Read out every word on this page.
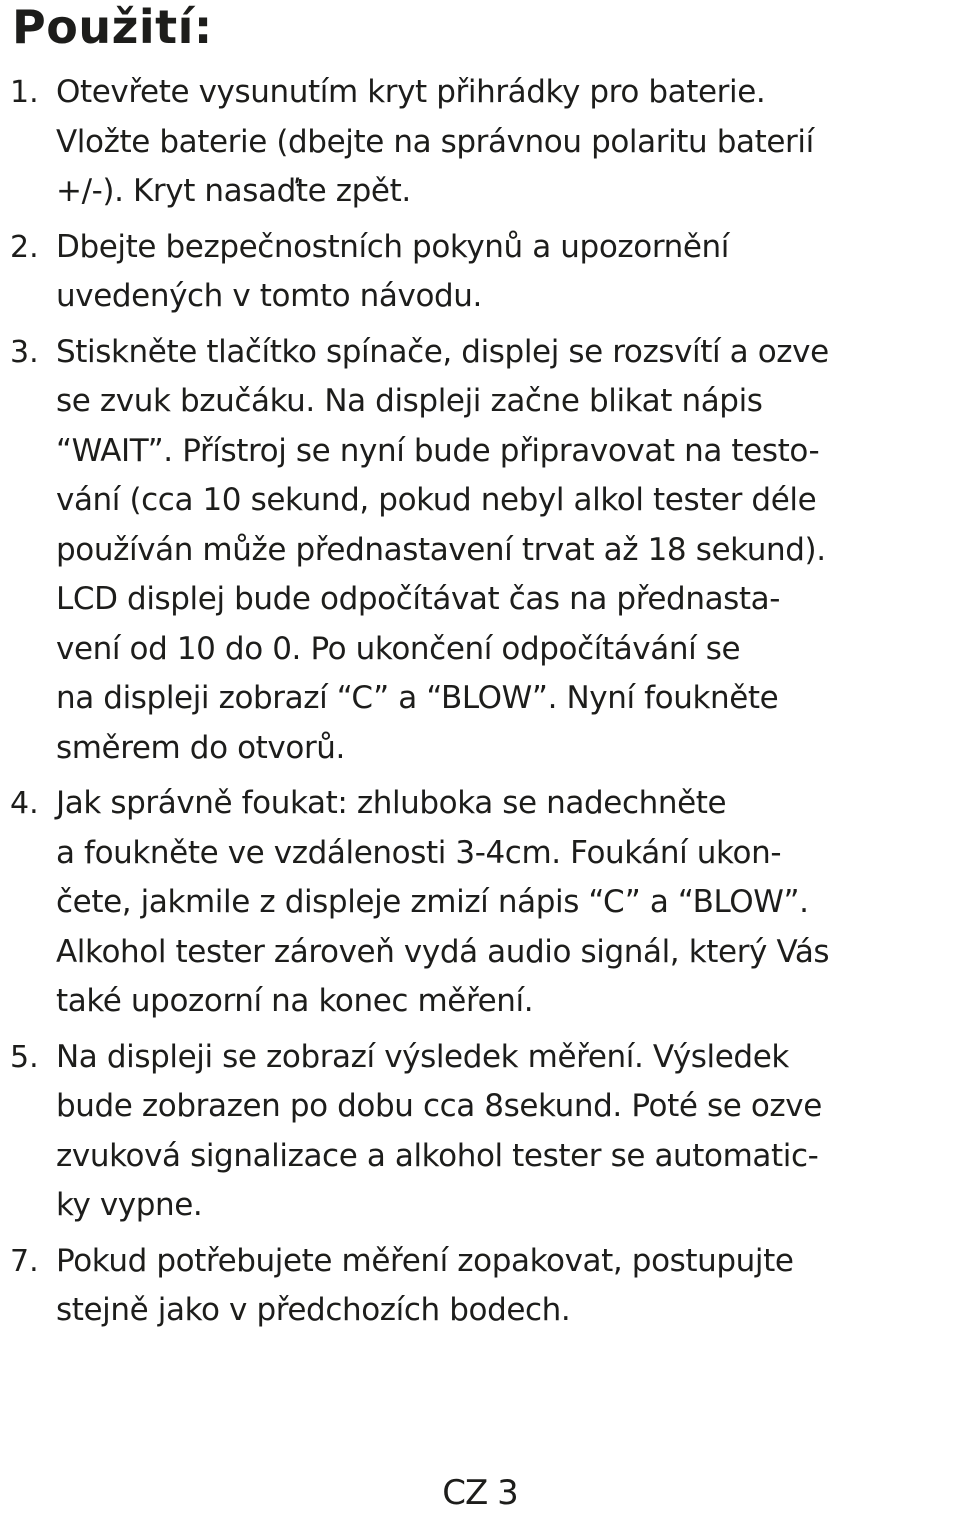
Použití:
1. Otevřete vysunutím kryt přihrádky pro baterie.
Vložte baterie (dbejte na správnou polaritu baterií
+/-). Kryt nasaďte zpět.
2. Dbejte bezpečnostních pokynů a upozornění
uvedených v tomto návodu.
3. Stiskněte tlačítko spínače, displej se rozsvítí a ozve
se zvuk bzučáku. Na displeji začne blikat nápis
“WAIT”. Přístroj se nyní bude připravovat na testo-
vání (cca 10 sekund, pokud nebyl alkol tester déle
používán může přednastavení trvat až 18 sekund).
LCD displej bude odpočítávat čas na přednasta-
vení od 10 do 0. Po ukončení odpočítávání se
na displeji zobrazí “C” a “BLOW”. Nyní foukněte
směrem do otvorů.
4. Jak správně foukat: zhluboka se nadechněte
a foukněte ve vzdálenosti 3-4cm. Foukání ukon-
čete, jakmile z displeje zmizí nápis “C” a “BLOW”.
Alkohol tester zároveň vydá audio signál, který Vás
také upozorní na konec měření.
5. Na displeji se zobrazí výsledek měření. Výsledek
bude zobrazen po dobu cca 8sekund. Poté se ozve
zvuková signalizace a alkohol tester se automatic-
ky vypne.
7. Pokud potřebujete měření zopakovat, postupujte
stejně jako v předchozích bodech.
CZ 3
